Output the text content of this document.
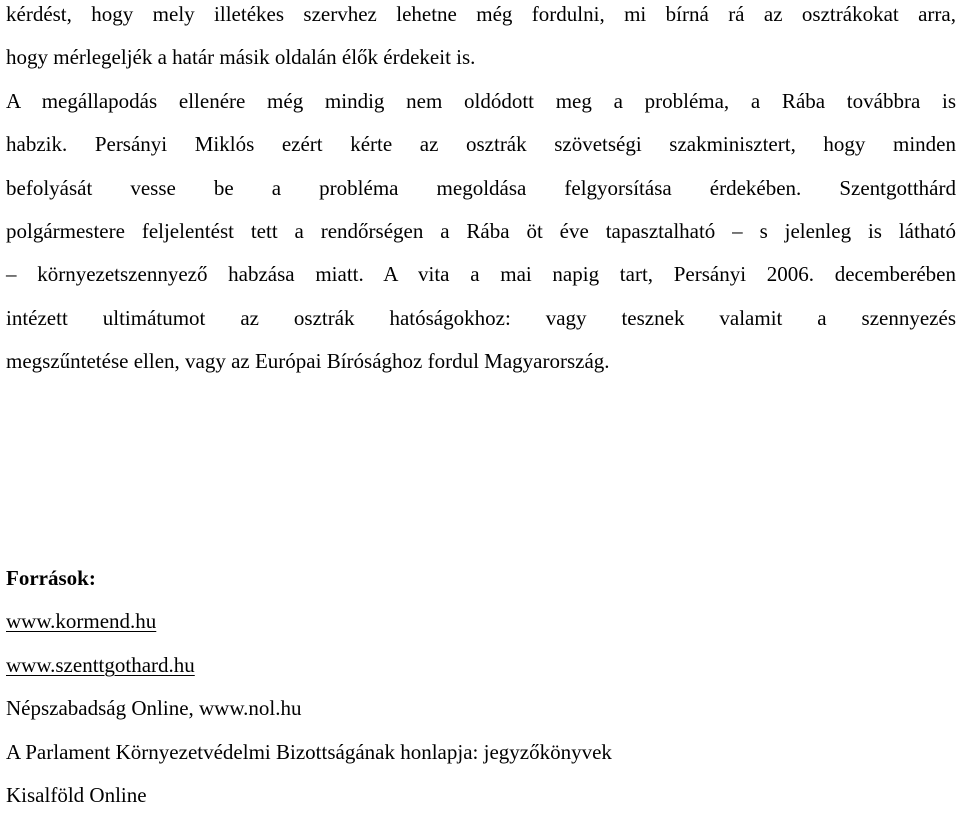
kérdést, hogy mely illetékes szervhez lehetne még fordulni, mi bírná rá az osztrákokat arra,
hogy mérlegeljék a határ másik oldalán élők érdekeit is.
A megállapodás ellenére még mindig nem oldódott meg a probléma, a Rába továbbra is
habzik. Persányi Miklós ezért kérte az osztrák szövetségi szakminisztert, hogy minden
befolyását vesse be a probléma megoldása felgyorsítása érdekében. Szentgotthárd
polgármestere feljelentést tett a rendőrségen a Rába öt éve tapasztalható – s jelenleg is látható
– környezetszennyező habzása miatt. A vita a mai napig tart, Persányi 2006. decemberében
intézett ultimátumot az osztrák hatóságokhoz: vagy tesznek valamit a szennyezés
megszűntetése ellen, vagy az Európai Bírósághoz fordul Magyarország.
Források:
www.kormend.hu
www.szenttgothard.hu
Népszabadság Online, www.nol.hu
A Parlament Környezetvédelmi Bizottságának honlapja: jegyzőkönyvek
Kisalföld Online
